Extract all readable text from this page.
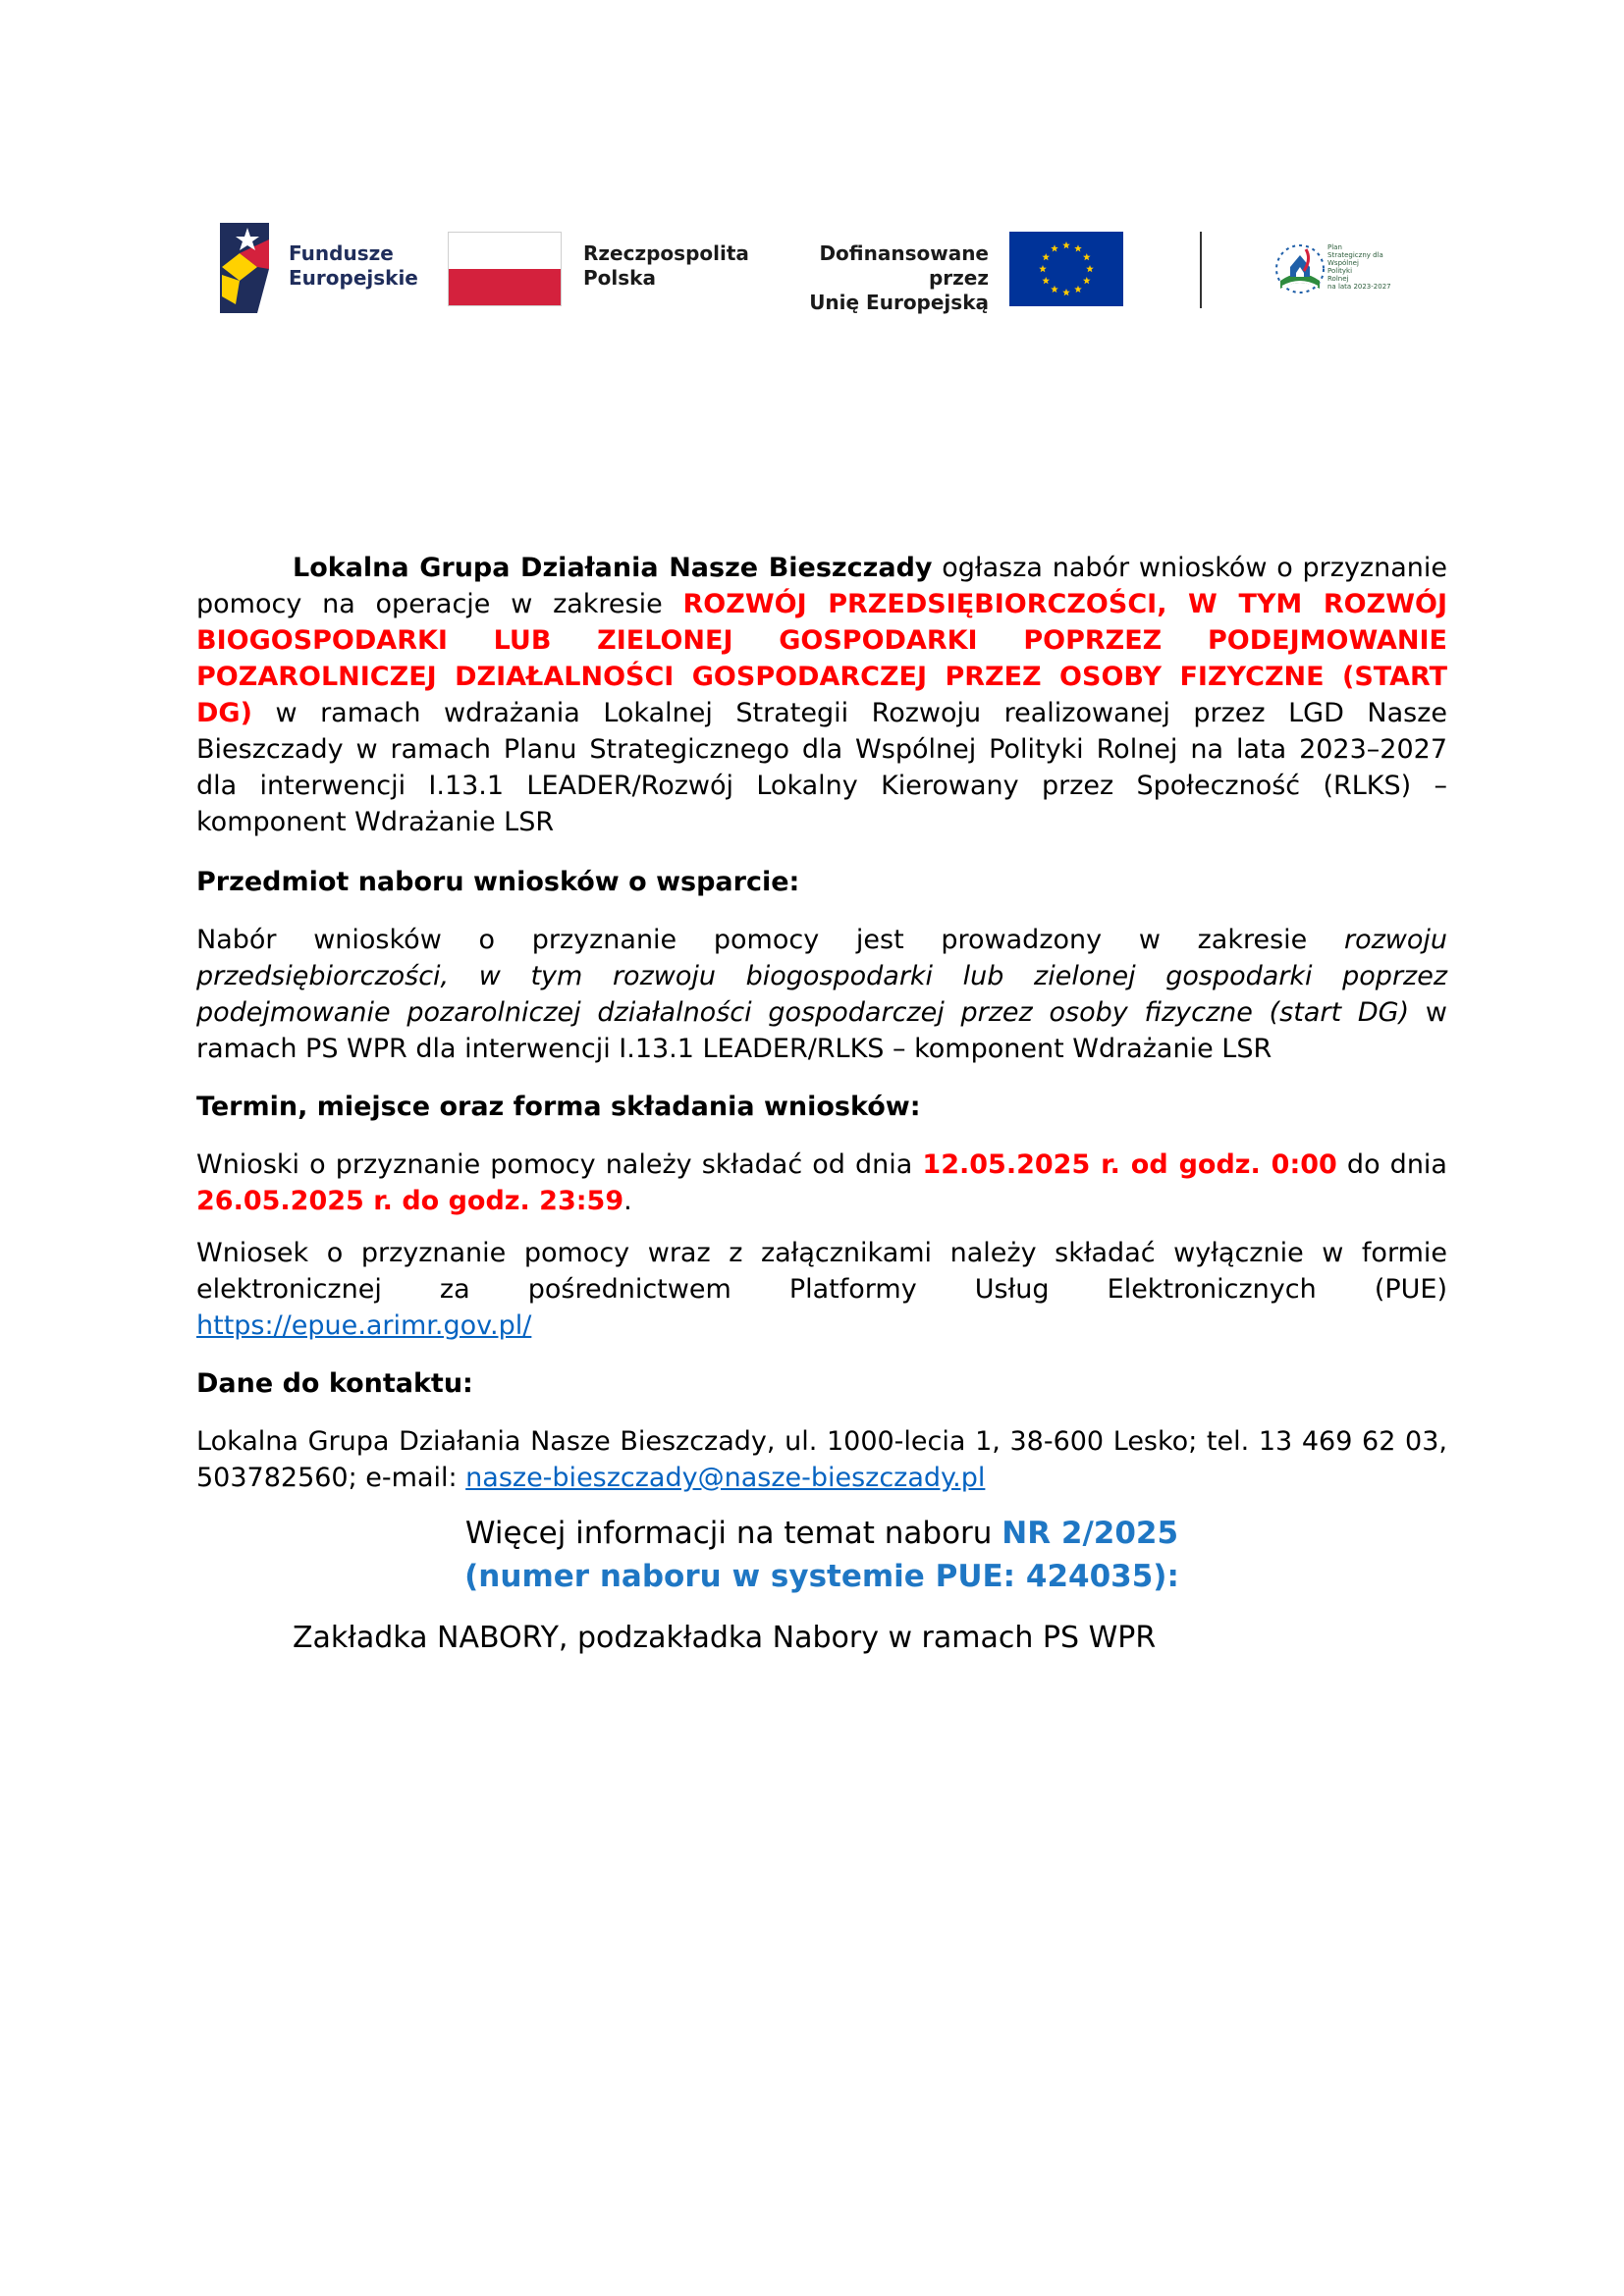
Fundusze
Europejskie
Rzeczpospolita
Polska
Dofinansowane przez
Unię Europejską
Plan
Strategiczny dla
Wspólnej
Polityki
Rolnej
na lata 2023-2027

Lokalna Grupa Działania Nasze Bieszczady ogłasza nabór wniosków o przyznanie pomocy na operacje w zakresie ROZWÓJ PRZEDSIĘBIORCZOŚCI, W TYM ROZWÓJ BIOGOSPODARKI LUB ZIELONEJ GOSPODARKI POPRZEZ PODEJMOWANIE POZAROLNICZEJ DZIAŁALNOŚCI GOSPODARCZEJ PRZEZ OSOBY FIZYCZNE (START DG) w ramach wdrażania Lokalnej Strategii Rozwoju realizowanej przez LGD Nasze Bieszczady w ramach Planu Strategicznego dla Wspólnej Polityki Rolnej na lata 2023–2027 dla interwencji I.13.1 LEADER/Rozwój Lokalny Kierowany przez Społeczność (RLKS) – komponent Wdrażanie LSR

Przedmiot naboru wniosków o wsparcie:

Nabór wniosków o przyznanie pomocy jest prowadzony w zakresie rozwoju przedsiębiorczości, w tym rozwoju biogospodarki lub zielonej gospodarki poprzez podejmowanie pozarolniczej działalności gospodarczej przez osoby fizyczne (start DG) w ramach PS WPR dla interwencji I.13.1 LEADER/RLKS – komponent Wdrażanie LSR

Termin, miejsce oraz forma składania wniosków:

Wnioski o przyznanie pomocy należy składać od dnia 12.05.2025 r. od godz. 0:00 do dnia 26.05.2025 r. do godz. 23:59.

Wniosek o przyznanie pomocy wraz z załącznikami należy składać wyłącznie w formie elektronicznej za pośrednictwem Platformy Usług Elektronicznych (PUE) https://epue.arimr.gov.pl/

Dane do kontaktu:

Lokalna Grupa Działania Nasze Bieszczady, ul. 1000-lecia 1, 38-600 Lesko; tel. 13 469 62 03, 503782560; e-mail: nasze-bieszczady@nasze-bieszczady.pl

Więcej informacji na temat naboru NR 2/2025

(numer naboru w systemie PUE: 424035):

Zakładka NABORY, podzakładka Nabory w ramach PS WPR
